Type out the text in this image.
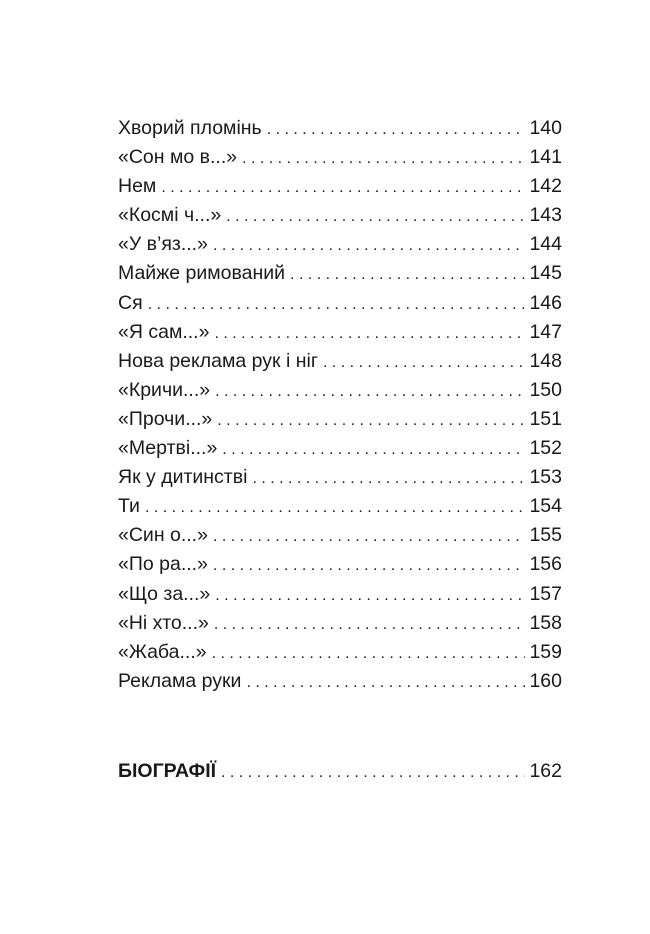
Хворий пломінь . . .	140
«Сон мо в...» . . .	141
Нем . . .	142
«Космі ч...» . . .	143
«У в’яз...» . . .	144
Майже римований . . .	145
Ся . . .	146
«Я сам...» . . .	147
Нова реклама рук і ніг . . .	148
«Кричи...» . . .	150
«Прочи...» . . .	151
«Мертві...» . . .	152
Як у дитинстві . . .	153
Ти . . .	154
«Син о...» . . .	155
«По ра...» . . .	156
«Що за...» . . .	157
«Ні хто...» . . .	158
«Жаба...» . . .	159
Реклама руки . . .	160
БІОГРАФІЇ . . .	162
